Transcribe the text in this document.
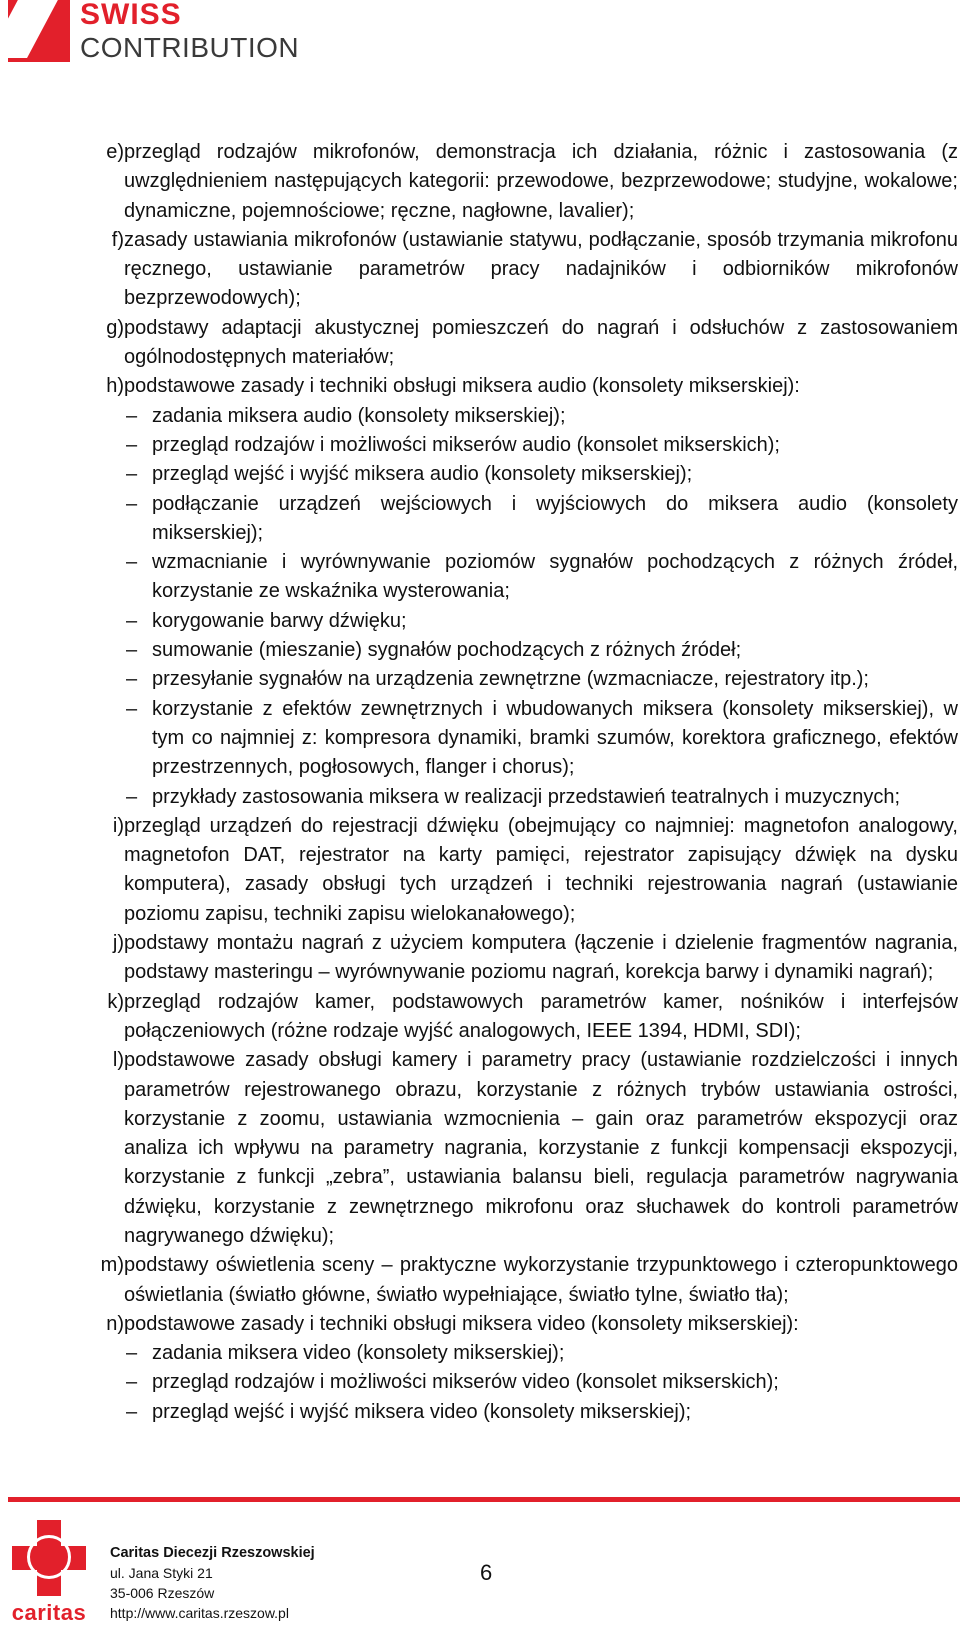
SWISS
CONTRIBUTION
e) przegląd rodzajów mikrofonów, demonstracja ich działania, różnic i zastosowania (z uwzględnieniem następujących kategorii: przewodowe, bezprzewodowe; studyjne, wokalowe; dynamiczne, pojemnościowe; ręczne, nagłowne, lavalier);
f) zasady ustawiania mikrofonów (ustawianie statywu, podłączanie, sposób trzymania mikrofonu ręcznego, ustawianie parametrów pracy nadajników i odbiorników mikrofonów bezprzewodowych);
g) podstawy adaptacji akustycznej pomieszczeń do nagrań i odsłuchów z zastosowaniem ogólnodostępnych materiałów;
h) podstawowe zasady i techniki obsługi miksera audio (konsolety mikserskiej):
– zadania miksera audio (konsolety mikserskiej);
– przegląd rodzajów i możliwości mikserów audio (konsolet mikserskich);
– przegląd wejść i wyjść miksera audio (konsolety mikserskiej);
– podłączanie urządzeń wejściowych i wyjściowych do miksera audio (konsolety mikserskiej);
– wzmacnianie i wyrównywanie poziomów sygnałów pochodzących z różnych źródeł, korzystanie ze wskaźnika wysterowania;
– korygowanie barwy dźwięku;
– sumowanie (mieszanie) sygnałów pochodzących z różnych źródeł;
– przesyłanie sygnałów na urządzenia zewnętrzne (wzmacniacze, rejestratory itp.);
– korzystanie z efektów zewnętrznych i wbudowanych miksera (konsolety mikserskiej), w tym co najmniej z: kompresora dynamiki, bramki szumów, korektora graficznego, efektów przestrzennych, pogłosowych, flanger i chorus);
– przykłady zastosowania miksera w realizacji przedstawień teatralnych i muzycznych;
i) przegląd urządzeń do rejestracji dźwięku (obejmujący co najmniej: magnetofon analogowy, magnetofon DAT, rejestrator na karty pamięci, rejestrator zapisujący dźwięk na dysku komputera), zasady obsługi tych urządzeń i techniki rejestrowania nagrań (ustawianie poziomu zapisu, techniki zapisu wielokanałowego);
j) podstawy montażu nagrań z użyciem komputera (łączenie i dzielenie fragmentów nagrania, podstawy masteringu – wyrównywanie poziomu nagrań, korekcja barwy i dynamiki nagrań);
k) przegląd rodzajów kamer, podstawowych parametrów kamer, nośników i interfejsów połączeniowych (różne rodzaje wyjść analogowych, IEEE 1394, HDMI, SDI);
l) podstawowe zasady obsługi kamery i parametry pracy (ustawianie rozdzielczości i innych parametrów rejestrowanego obrazu, korzystanie z różnych trybów ustawiania ostrości, korzystanie z zoomu, ustawiania wzmocnienia – gain oraz parametrów ekspozycji oraz analiza ich wpływu na parametry nagrania, korzystanie z funkcji kompensacji ekspozycji, korzystanie z funkcji „zebra”, ustawiania balansu bieli, regulacja parametrów nagrywania dźwięku, korzystanie z zewnętrznego mikrofonu oraz słuchawek do kontroli parametrów nagrywanego dźwięku);
m) podstawy oświetlenia sceny – praktyczne wykorzystanie trzypunktowego i czteropunktowego oświetlania (światło główne, światło wypełniające, światło tylne, światło tła);
n) podstawowe zasady i techniki obsługi miksera video (konsolety mikserskiej):
– zadania miksera video (konsolety mikserskiej);
– przegląd rodzajów i możliwości mikserów video (konsolet mikserskich);
– przegląd wejść i wyjść miksera video (konsolety mikserskiej);
caritas
Caritas Diecezji Rzeszowskiej
ul. Jana Styki 21
35-006 Rzeszów
http://www.caritas.rzeszow.pl
6
